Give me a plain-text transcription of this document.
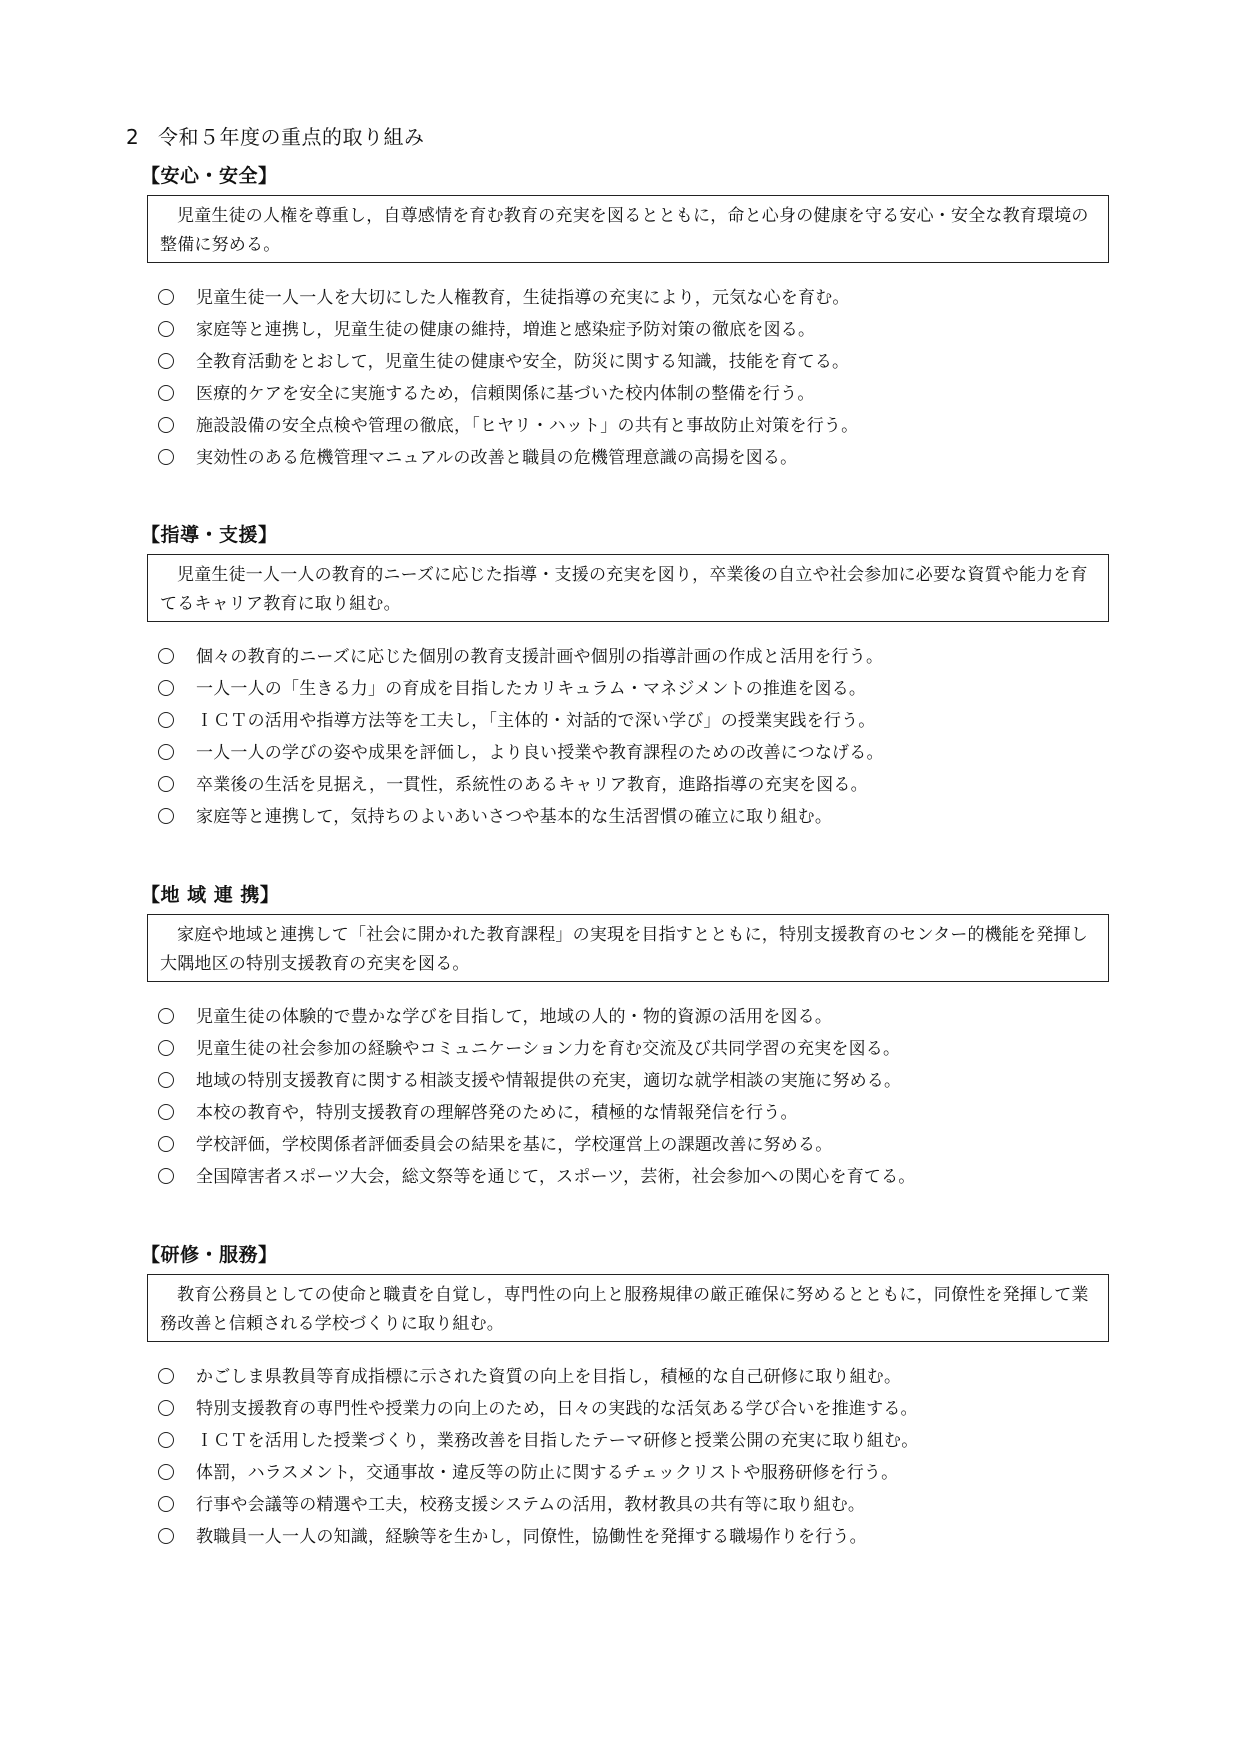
2 令和５年度の重点的取り組み
【安心・安全】
児童生徒の人権を尊重し，自尊感情を育む教育の充実を図るとともに，命と心身の健康を守る安心・安全な教育環境の整備に努める。
児童生徒一人一人を大切にした人権教育，生徒指導の充実により，元気な心を育む。
家庭等と連携し，児童生徒の健康の維持，増進と感染症予防対策の徹底を図る。
全教育活動をとおして，児童生徒の健康や安全，防災に関する知識，技能を育てる。
医療的ケアを安全に実施するため，信頼関係に基づいた校内体制の整備を行う。
施設設備の安全点検や管理の徹底，「ヒヤリ・ハット」の共有と事故防止対策を行う。
実効性のある危機管理マニュアルの改善と職員の危機管理意識の高揚を図る。
【指導・支援】
児童生徒一人一人の教育的ニーズに応じた指導・支援の充実を図り，卒業後の自立や社会参加に必要な資質や能力を育てるキャリア教育に取り組む。
個々の教育的ニーズに応じた個別の教育支援計画や個別の指導計画の作成と活用を行う。
一人一人の「生きる力」の育成を目指したカリキュラム・マネジメントの推進を図る。
ＩＣＴの活用や指導方法等を工夫し，「主体的・対話的で深い学び」の授業実践を行う。
一人一人の学びの姿や成果を評価し，より良い授業や教育課程のための改善につなげる。
卒業後の生活を見据え，一貫性，系統性のあるキャリア教育，進路指導の充実を図る。
家庭等と連携して，気持ちのよいあいさつや基本的な生活習慣の確立に取り組む。
【地 域 連 携】
家庭や地域と連携して「社会に開かれた教育課程」の実現を目指すとともに，特別支援教育のセンター的機能を発揮し大隅地区の特別支援教育の充実を図る。
児童生徒の体験的で豊かな学びを目指して，地域の人的・物的資源の活用を図る。
児童生徒の社会参加の経験やコミュニケーション力を育む交流及び共同学習の充実を図る。
地域の特別支援教育に関する相談支援や情報提供の充実，適切な就学相談の実施に努める。
本校の教育や，特別支援教育の理解啓発のために，積極的な情報発信を行う。
学校評価，学校関係者評価委員会の結果を基に，学校運営上の課題改善に努める。
全国障害者スポーツ大会，総文祭等を通じて，スポーツ，芸術，社会参加への関心を育てる。
【研修・服務】
教育公務員としての使命と職責を自覚し，専門性の向上と服務規律の厳正確保に努めるとともに，同僚性を発揮して業務改善と信頼される学校づくりに取り組む。
かごしま県教員等育成指標に示された資質の向上を目指し，積極的な自己研修に取り組む。
特別支援教育の専門性や授業力の向上のため，日々の実践的な活気ある学び合いを推進する。
ＩＣＴを活用した授業づくり，業務改善を目指したテーマ研修と授業公開の充実に取り組む。
体罰，ハラスメント，交通事故・違反等の防止に関するチェックリストや服務研修を行う。
行事や会議等の精選や工夫，校務支援システムの活用，教材教具の共有等に取り組む。
教職員一人一人の知識，経験等を生かし，同僚性，協働性を発揮する職場作りを行う。
